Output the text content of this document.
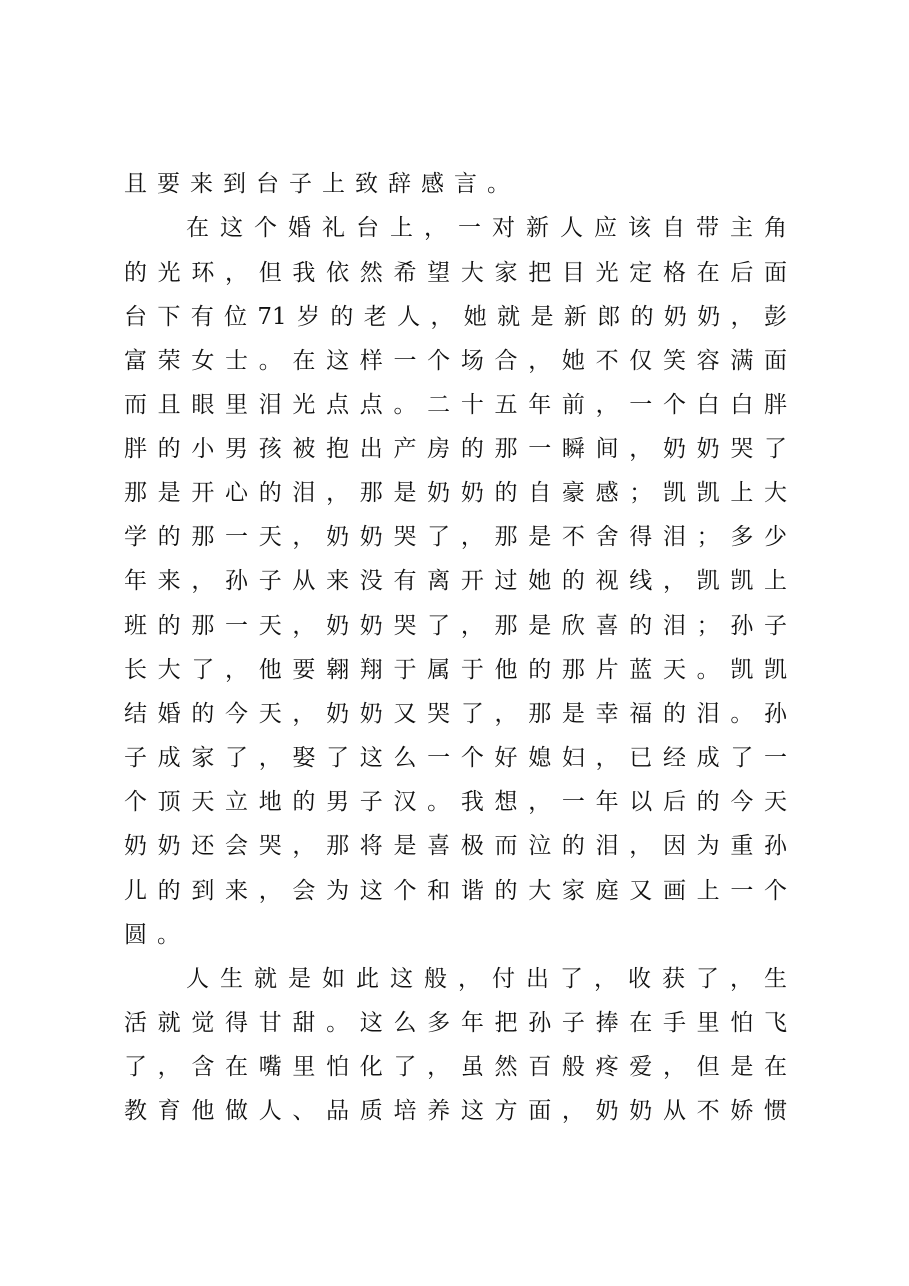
且要来到台子上致辞感言。
在这个婚礼台上，一对新人应该自带主角
的光环，但我依然希望大家把目光定格在后面
台下有位71岁的老人，她就是新郎的奶奶，彭
富荣女士。在这样一个场合，她不仅笑容满面
而且眼里泪光点点。二十五年前，一个白白胖
胖的小男孩被抱出产房的那一瞬间，奶奶哭了
那是开心的泪，那是奶奶的自豪感；凯凯上大
学的那一天，奶奶哭了，那是不舍得泪；多少
年来，孙子从来没有离开过她的视线，凯凯上
班的那一天，奶奶哭了，那是欣喜的泪；孙子
长大了，他要翱翔于属于他的那片蓝天。凯凯
结婚的今天，奶奶又哭了，那是幸福的泪。孙
子成家了，娶了这么一个好媳妇，已经成了一
个顶天立地的男子汉。我想，一年以后的今天
奶奶还会哭，那将是喜极而泣的泪，因为重孙
儿的到来，会为这个和谐的大家庭又画上一个
圆。
人生就是如此这般，付出了，收获了，生
活就觉得甘甜。这么多年把孙子捧在手里怕飞
了，含在嘴里怕化了，虽然百般疼爱，但是在
教育他做人、品质培养这方面，奶奶从不娇惯
